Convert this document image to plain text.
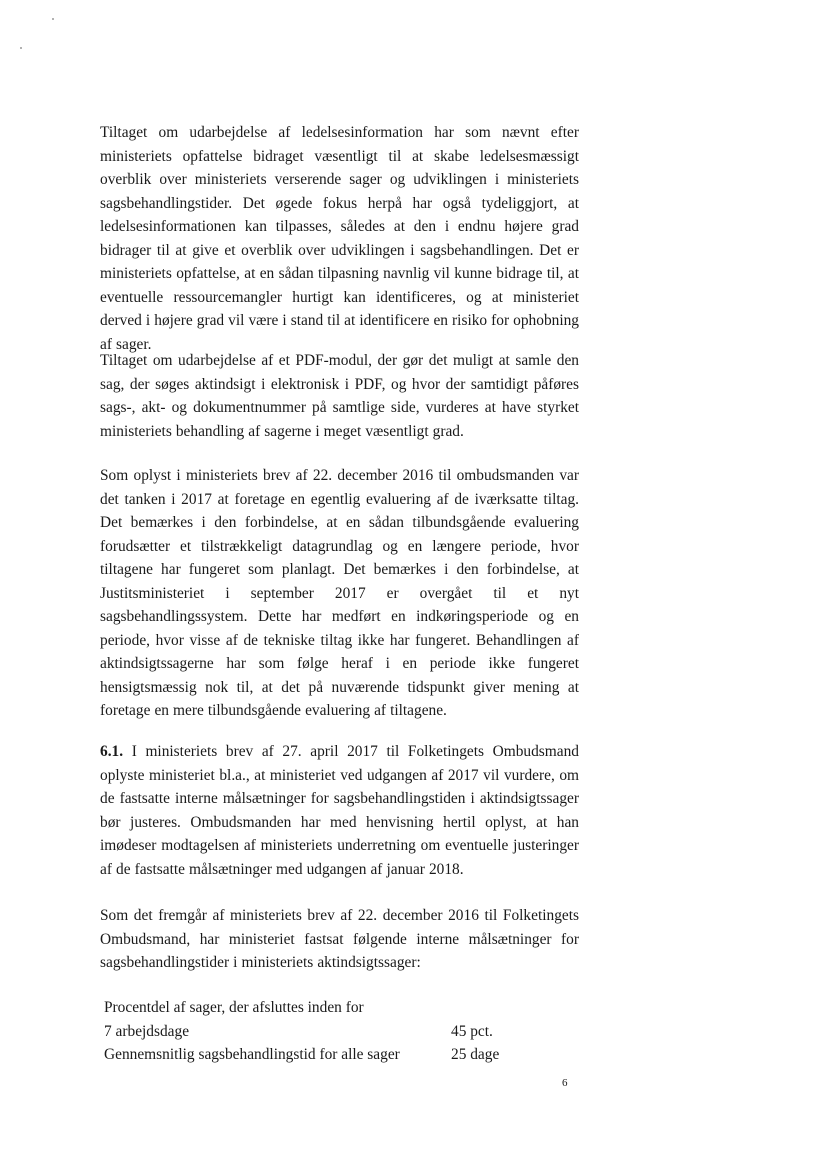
Tiltaget om udarbejdelse af ledelsesinformation har som nævnt efter ministeriets opfattelse bidraget væsentligt til at skabe ledelsesmæssigt overblik over ministeriets verserende sager og udviklingen i ministeriets sagsbehandlingstider. Det øgede fokus herpå har også tydeliggjort, at ledelsesinformationen kan tilpasses, således at den i endnu højere grad bidrager til at give et overblik over udviklingen i sagsbehandlingen. Det er ministeriets opfattelse, at en sådan tilpasning navnlig vil kunne bidrage til, at eventuelle ressourcemangler hurtigt kan identificeres, og at ministeriet derved i højere grad vil være i stand til at identificere en risiko for ophobning af sager.

Tiltaget om udarbejdelse af et PDF-modul, der gør det muligt at samle den sag, der søges aktindsigt i elektronisk i PDF, og hvor der samtidigt påføres sags-, akt- og dokumentnummer på samtlige side, vurderes at have styrket ministeriets behandling af sagerne i meget væsentligt grad.

Som oplyst i ministeriets brev af 22. december 2016 til ombudsmanden var det tanken i 2017 at foretage en egentlig evaluering af de iværksatte tiltag. Det bemærkes i den forbindelse, at en sådan tilbundsgående evaluering forudsætter et tilstrækkeligt datagrundlag og en længere periode, hvor tiltagene har fungeret som planlagt. Det bemærkes i den forbindelse, at Justitsministeriet i september 2017 er overgået til et nyt sagsbehandlingssystem. Dette har medført en indkøringsperiode og en periode, hvor visse af de tekniske tiltag ikke har fungeret. Behandlingen af aktindsigtssagerne har som følge heraf i en periode ikke fungeret hensigtsmæssig nok til, at det på nuværende tidspunkt giver mening at foretage en mere tilbundsgående evaluering af tiltagene.

6.1. I ministeriets brev af 27. april 2017 til Folketingets Ombudsmand oplyste ministeriet bl.a., at ministeriet ved udgangen af 2017 vil vurdere, om de fastsatte interne målsætninger for sagsbehandlingstiden i aktindsigtssager bør justeres. Ombudsmanden har med henvisning hertil oplyst, at han imødeser modtagelsen af ministeriets underretning om eventuelle justeringer af de fastsatte målsætninger med udgangen af januar 2018.

Som det fremgår af ministeriets brev af 22. december 2016 til Folketingets Ombudsmand, har ministeriet fastsat følgende interne målsætninger for sagsbehandlingstider i ministeriets aktindsigtssager:

Procentdel af sager, der afsluttes inden for
7 arbejdsdage	45 pct.
Gennemsnitlig sagsbehandlingstid for alle sager	25 dage
6
